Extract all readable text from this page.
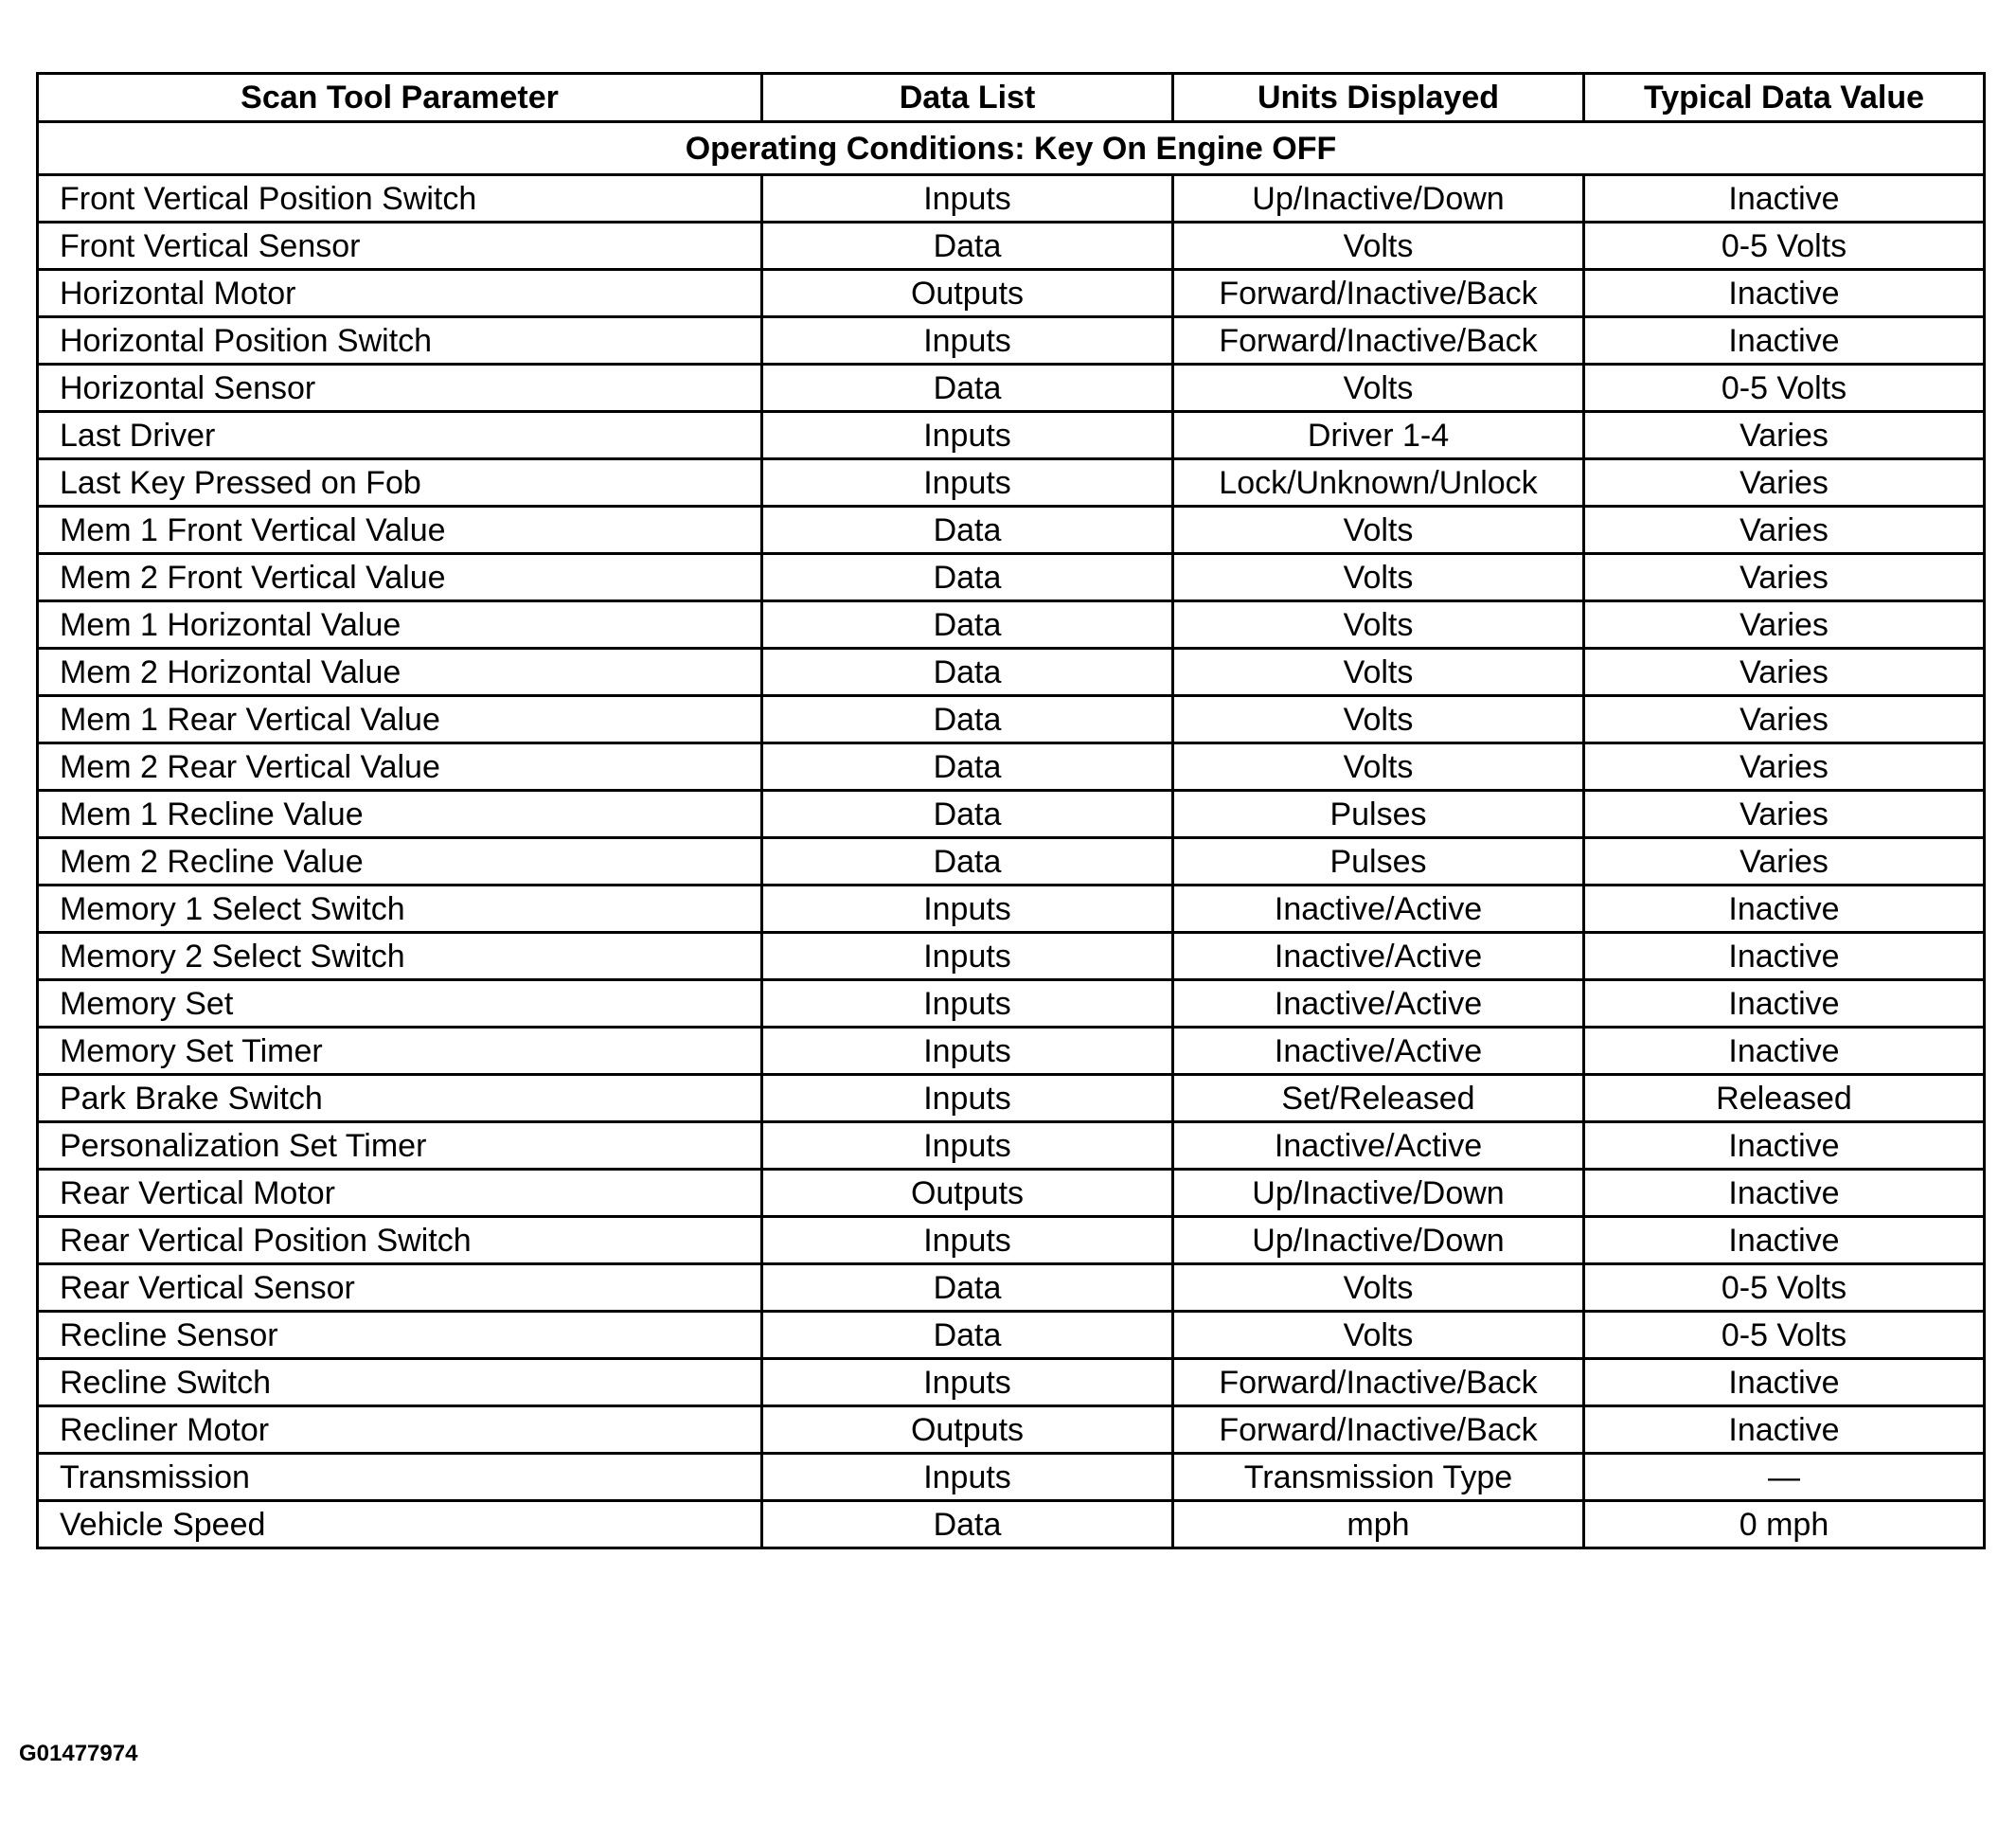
Scan Tool Parameter	Data List	Units Displayed	Typical Data Value
Operating Conditions: Key On Engine OFF			
Front Vertical Position Switch	Inputs	Up/Inactive/Down	Inactive
Front Vertical Sensor	Data	Volts	0-5 Volts
Horizontal Motor	Outputs	Forward/Inactive/Back	Inactive
Horizontal Position Switch	Inputs	Forward/Inactive/Back	Inactive
Horizontal Sensor	Data	Volts	0-5 Volts
Last Driver	Inputs	Driver 1-4	Varies
Last Key Pressed on Fob	Inputs	Lock/Unknown/Unlock	Varies
Mem 1 Front Vertical Value	Data	Volts	Varies
Mem 2 Front Vertical Value	Data	Volts	Varies
Mem 1 Horizontal Value	Data	Volts	Varies
Mem 2 Horizontal Value	Data	Volts	Varies
Mem 1 Rear Vertical Value	Data	Volts	Varies
Mem 2 Rear Vertical Value	Data	Volts	Varies
Mem 1 Recline Value	Data	Pulses	Varies
Mem 2 Recline Value	Data	Pulses	Varies
Memory 1 Select Switch	Inputs	Inactive/Active	Inactive
Memory 2 Select Switch	Inputs	Inactive/Active	Inactive
Memory Set	Inputs	Inactive/Active	Inactive
Memory Set Timer	Inputs	Inactive/Active	Inactive
Park Brake Switch	Inputs	Set/Released	Released
Personalization Set Timer	Inputs	Inactive/Active	Inactive
Rear Vertical Motor	Outputs	Up/Inactive/Down	Inactive
Rear Vertical Position Switch	Inputs	Up/Inactive/Down	Inactive
Rear Vertical Sensor	Data	Volts	0-5 Volts
Recline Sensor	Data	Volts	0-5 Volts
Recline Switch	Inputs	Forward/Inactive/Back	Inactive
Recliner Motor	Outputs	Forward/Inactive/Back	Inactive
Transmission	Inputs	Transmission Type	—
Vehicle Speed	Data	mph	0 mph
G01477974
